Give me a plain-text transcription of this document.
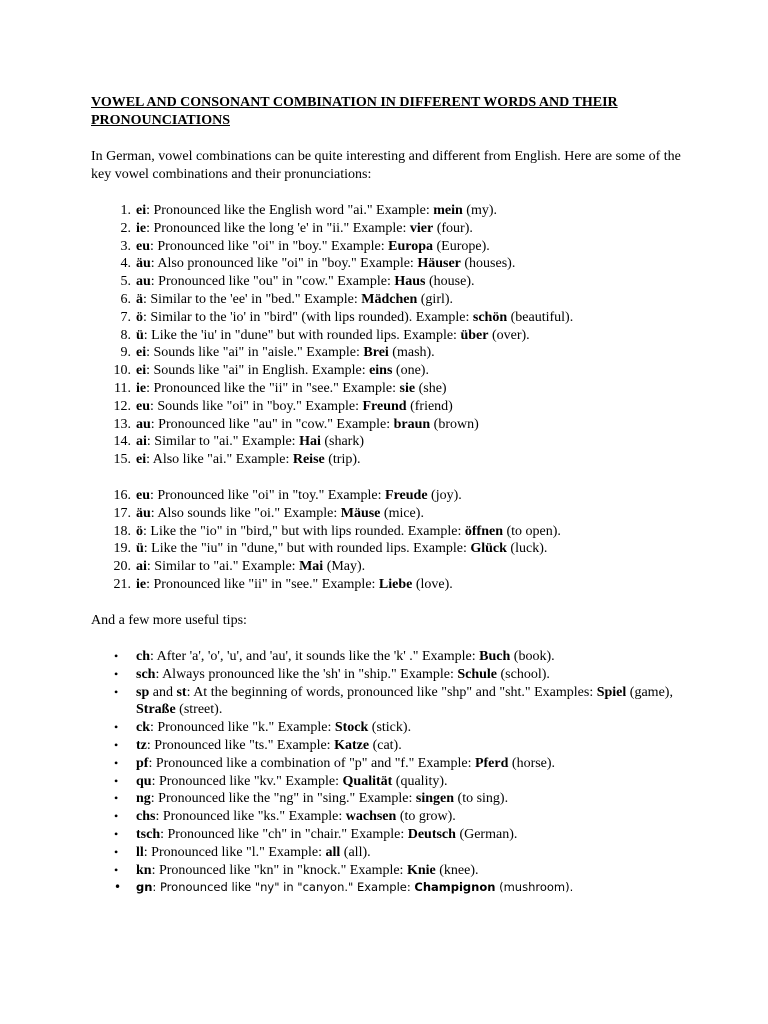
VOWEL AND CONSONANT COMBINATION IN DIFFERENT WORDS AND THEIR PRONOUNCIATIONS
In German, vowel combinations can be quite interesting and different from English. Here are some of the key vowel combinations and their pronunciations:
1. ei: Pronounced like the English word "ai." Example: mein (my).
2. ie: Pronounced like the long 'e' in "ii." Example: vier (four).
3. eu: Pronounced like "oi" in "boy." Example: Europa (Europe).
4. äu: Also pronounced like "oi" in "boy." Example: Häuser (houses).
5. au: Pronounced like "ou" in "cow." Example: Haus (house).
6. ä: Similar to the 'ee' in "bed." Example: Mädchen (girl).
7. ö: Similar to the 'io' in "bird" (with lips rounded). Example: schön (beautiful).
8. ü: Like the 'iu' in "dune" but with rounded lips. Example: über (over).
9. ei: Sounds like "ai" in "aisle." Example: Brei (mash).
10. ei: Sounds like "ai" in English. Example: eins (one).
11. ie: Pronounced like the "ii" in "see." Example: sie (she)
12. eu: Sounds like "oi" in "boy." Example: Freund (friend)
13. au: Pronounced like "au" in "cow." Example: braun (brown)
14. ai: Similar to "ai." Example: Hai (shark)
15. ei: Also like "ai." Example: Reise (trip).
16. eu: Pronounced like "oi" in "toy." Example: Freude (joy).
17. äu: Also sounds like "oi." Example: Mäuse (mice).
18. ö: Like the "io" in "bird," but with lips rounded. Example: öffnen (to open).
19. ü: Like the "iu" in "dune," but with rounded lips. Example: Glück (luck).
20. ai: Similar to "ai." Example: Mai (May).
21. ie: Pronounced like "ii" in "see." Example: Liebe (love).
And a few more useful tips:
•	ch: After 'a', 'o', 'u', and 'au', it sounds like the 'k' ." Example: Buch (book).
•	sch: Always pronounced like the 'sh' in "ship." Example: Schule (school).
•	sp and st: At the beginning of words, pronounced like "shp" and "sht." Examples: Spiel (game), Straße (street).
•	ck: Pronounced like "k." Example: Stock (stick).
•	tz: Pronounced like "ts." Example: Katze (cat).
•	pf: Pronounced like a combination of "p" and "f." Example: Pferd (horse).
•	qu: Pronounced like "kv." Example: Qualität (quality).
•	ng: Pronounced like the "ng" in "sing." Example: singen (to sing).
•	chs: Pronounced like "ks." Example: wachsen (to grow).
•	tsch: Pronounced like "ch" in "chair." Example: Deutsch (German).
•	ll: Pronounced like "l." Example: all (all).
•	kn: Pronounced like "kn" in "knock." Example: Knie (knee).
•	gn: Pronounced like "ny" in "canyon." Example: Champignon (mushroom).
